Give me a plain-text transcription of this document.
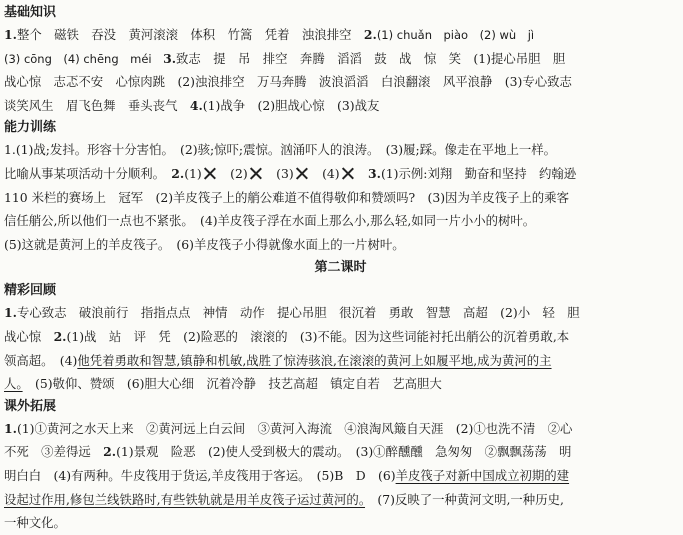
基础知识
1.整个　磁铁　吞没　黄河滚滚　体积　竹篙　凭着　浊浪排空　2.(1) chuǎn　piào　(2) wù　jì
(3) cōng　(4) chēng　méi　3.致志　提　吊　排空　奔腾　滔滔　鼓　战　惊　笑　(1)提心吊胆　胆
战心惊　志忑不安　心惊肉跳　(2)浊浪排空　万马奔腾　波浪滔滔　白浪翻滚　风平浪静　(3)专心致志
谈笑风生　眉飞色舞　垂头丧气　4.(1)战争　(2)胆战心惊　(3)战友
能力训练
1.(1)战;发抖。形容十分害怕。　(2)骇;惊吓;震惊。汹涌吓人的浪涛。　(3)履;踩。像走在平地上一样。
比喻从事某项活动十分顺利。　2.(1)　 (2)　 (3)　 (4)　 3.(1)示例:刘翔　勤奋和坚持　约翰逊
110 米栏的赛场上　冠军　(2)羊皮筏子上的艄公难道不值得敬仰和赞颂吗?　(3)因为羊皮筏子上的乘客
信任艄公,所以他们一点也不紧张。　(4)羊皮筏子浮在水面上那么小,那么轻,如同一片小小的树叶。
(5)这就是黄河上的羊皮筏子。　(6)羊皮筏子小得就像水面上的一片树叶。
第二课时
精彩回顾
1.专心致志　破浪前行　指指点点　神情　动作　提心吊胆　很沉着　勇敢　智慧　高超　(2)小　轻　胆
战心惊　2.(1)战　站　评　凭　(2)险恶的　滚滚的　(3)不能。因为这些词能衬托出艄公的沉着勇敢,本
领高超。　(4)他凭着勇敢和智慧,镇静和机敏,战胜了惊涛骇浪,在滚滚的黄河上如履平地,成为黄河的主
人。　(5)敬仰、赞颂　(6)胆大心细　沉着冷静　技艺高超　镇定自若　艺高胆大
课外拓展
1.(1)①黄河之水天上来　②黄河远上白云间　③黄河入海流　④浪淘风簸自天涯　(2)①也洗不清　②心
不死　③差得远　2.(1)景观　险恶　(2)使人受到极大的震动。　(3)①醉醺醺　急匆匆　②飘飘荡荡　明
明白白　(4)有两种。牛皮筏用于货运,羊皮筏用于客运。　(5)B　D　(6)羊皮筏子对新中国成立初期的建
设起过作用,修包兰线铁路时,有些铁轨就是用羊皮筏子运过黄河的。　(7)反映了一种黄河文明,一种历史,
一种文化。
